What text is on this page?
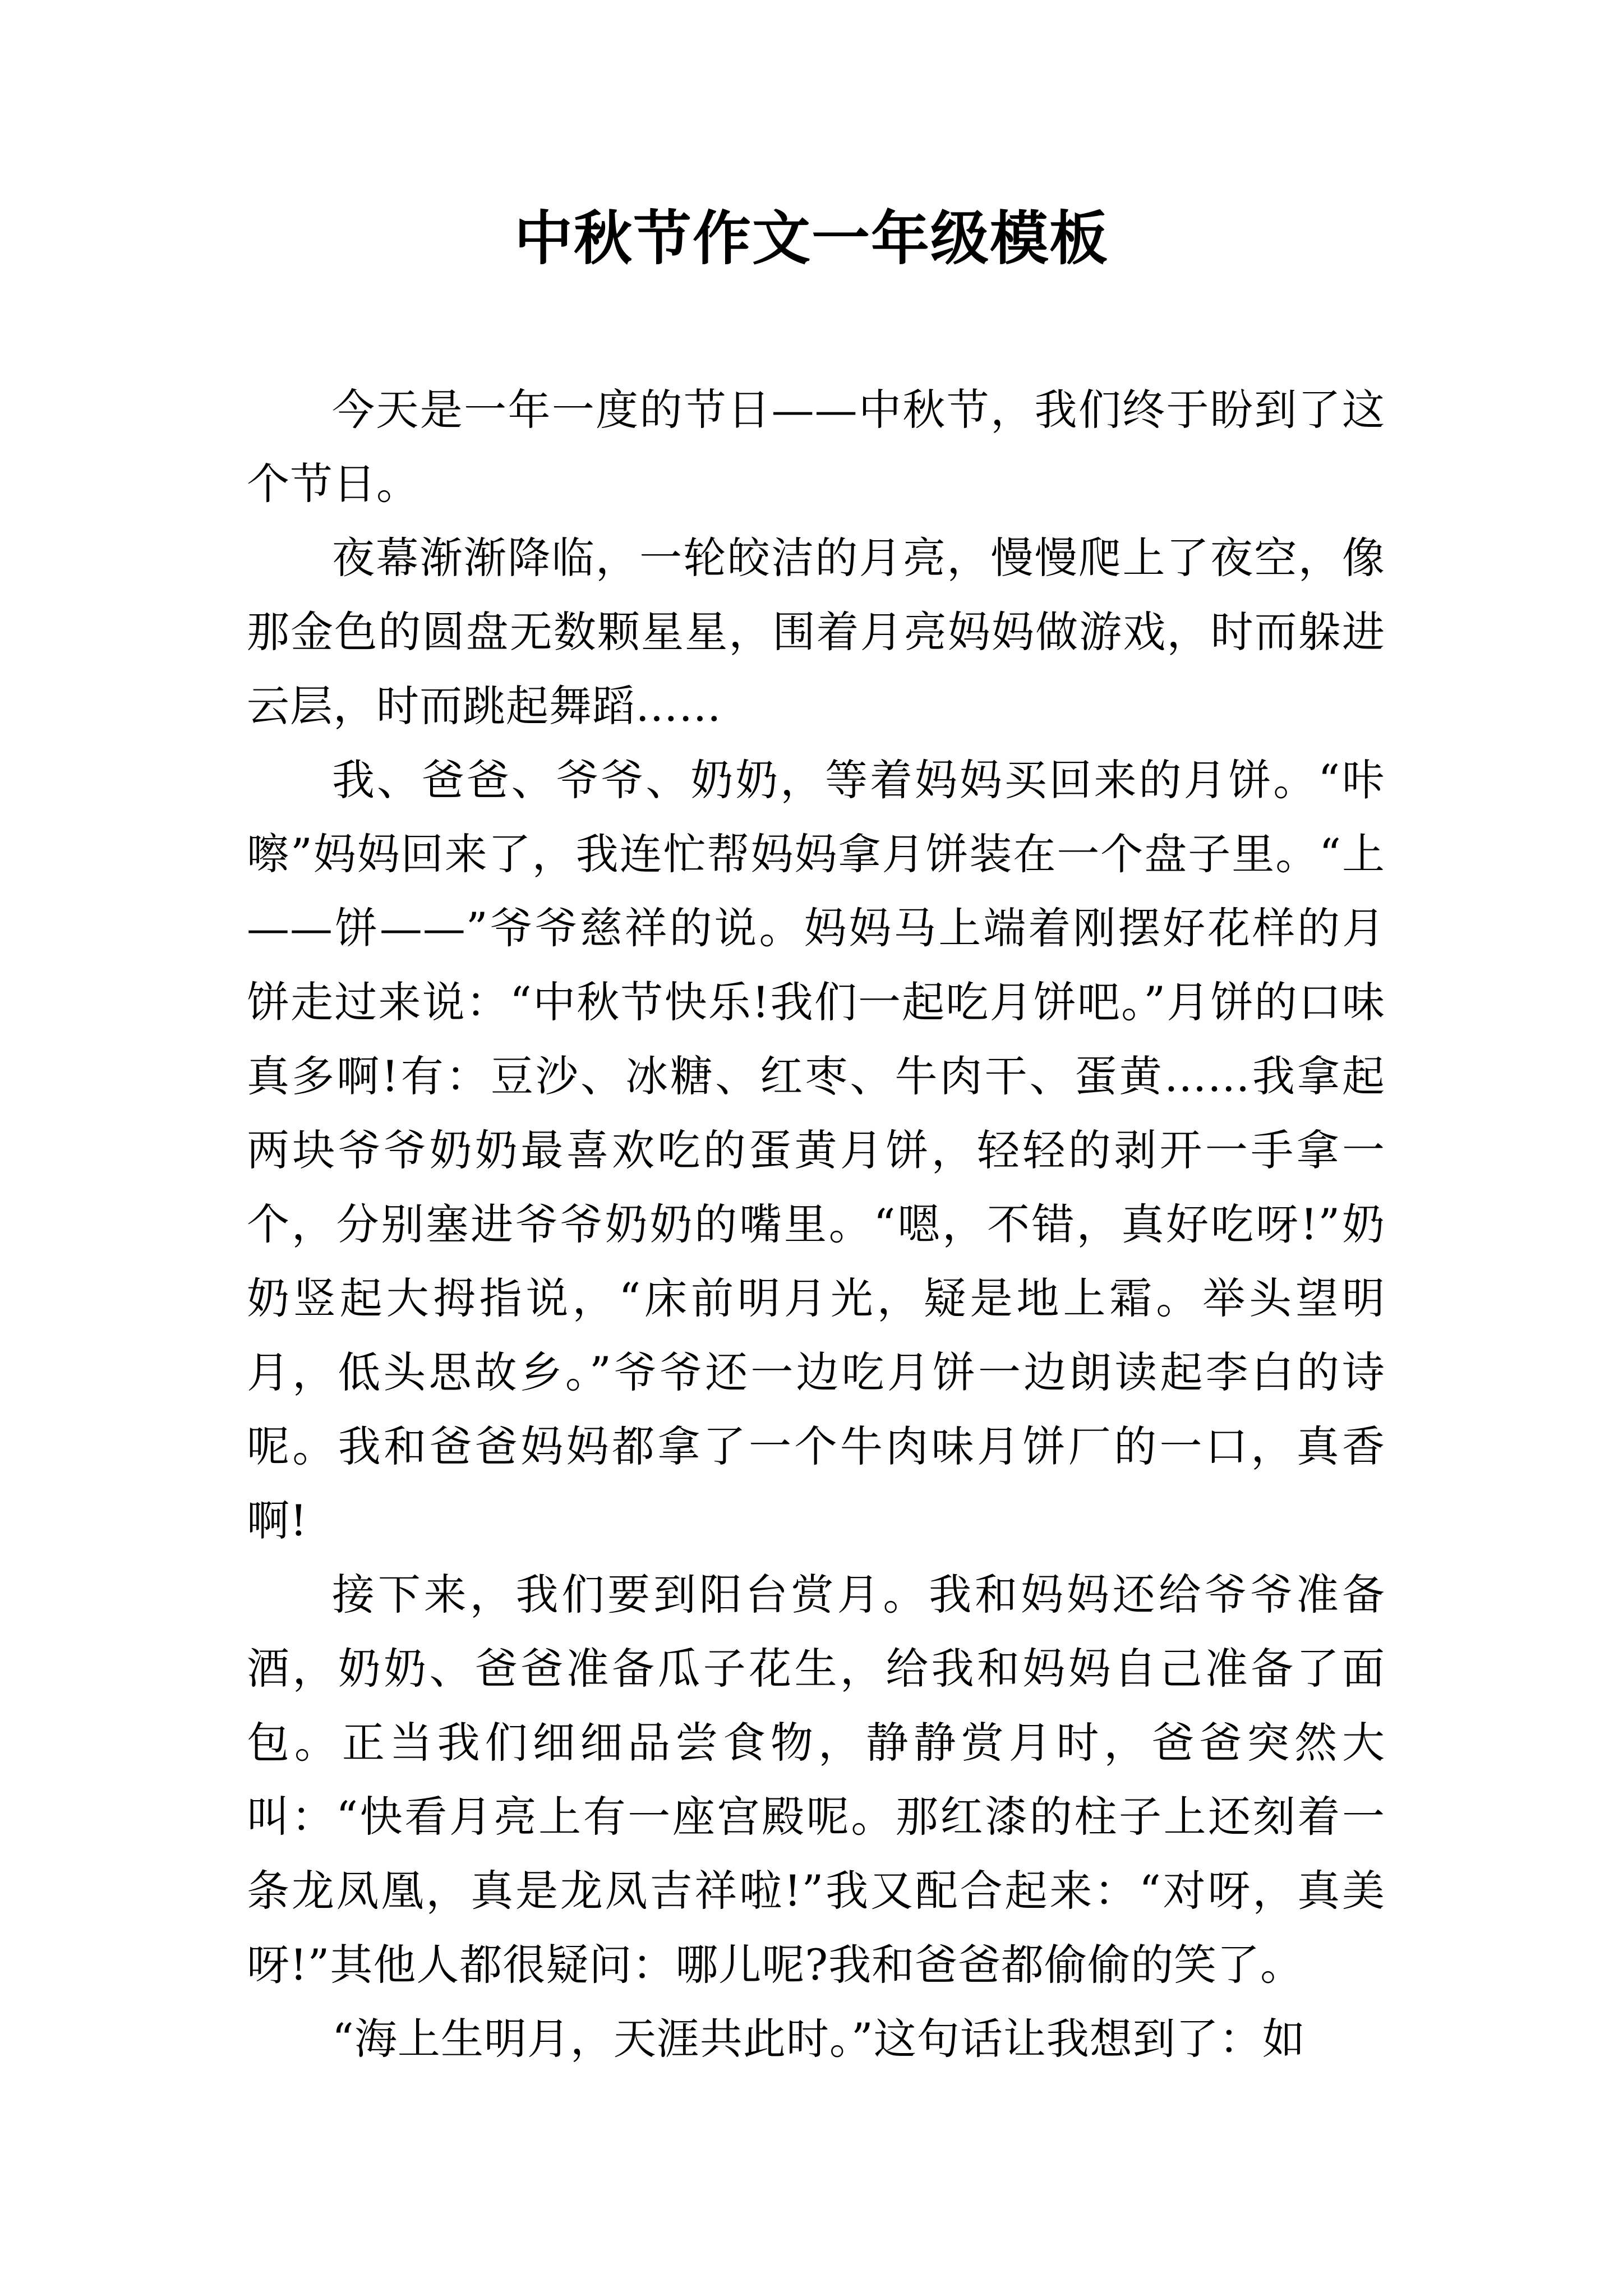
中秋节作文一年级模板

今天是一年一度的节日——中秋节，我们终于盼到了这个节日。

夜幕渐渐降临，一轮皎洁的月亮，慢慢爬上了夜空，像那金色的圆盘无数颗星星，围着月亮妈妈做游戏，时而躲进云层，时而跳起舞蹈……

我、爸爸、爷爷、奶奶，等着妈妈买回来的月饼。“咔嚓”妈妈回来了，我连忙帮妈妈拿月饼装在一个盘子里。“上——饼——”爷爷慈祥的说。妈妈马上端着刚摆好花样的月饼走过来说：“中秋节快乐!我们一起吃月饼吧。”月饼的口味真多啊!有：豆沙、冰糖、红枣、牛肉干、蛋黄……我拿起两块爷爷奶奶最喜欢吃的蛋黄月饼，轻轻的剥开一手拿一个，分别塞进爷爷奶奶的嘴里。“嗯，不错，真好吃呀!”奶奶竖起大拇指说，“床前明月光，疑是地上霜。举头望明月，低头思故乡。”爷爷还一边吃月饼一边朗读起李白的诗呢。我和爸爸妈妈都拿了一个牛肉味月饼厂的一口，真香啊!

接下来，我们要到阳台赏月。我和妈妈还给爷爷准备酒，奶奶、爸爸准备瓜子花生，给我和妈妈自己准备了面包。正当我们细细品尝食物，静静赏月时，爸爸突然大叫：“快看月亮上有一座宫殿呢。那红漆的柱子上还刻着一条龙凤凰，真是龙凤吉祥啦!”我又配合起来：“对呀，真美呀!”其他人都很疑问：哪儿呢?我和爸爸都偷偷的笑了。

“海上生明月，天涯共此时。”这句话让我想到了：如
